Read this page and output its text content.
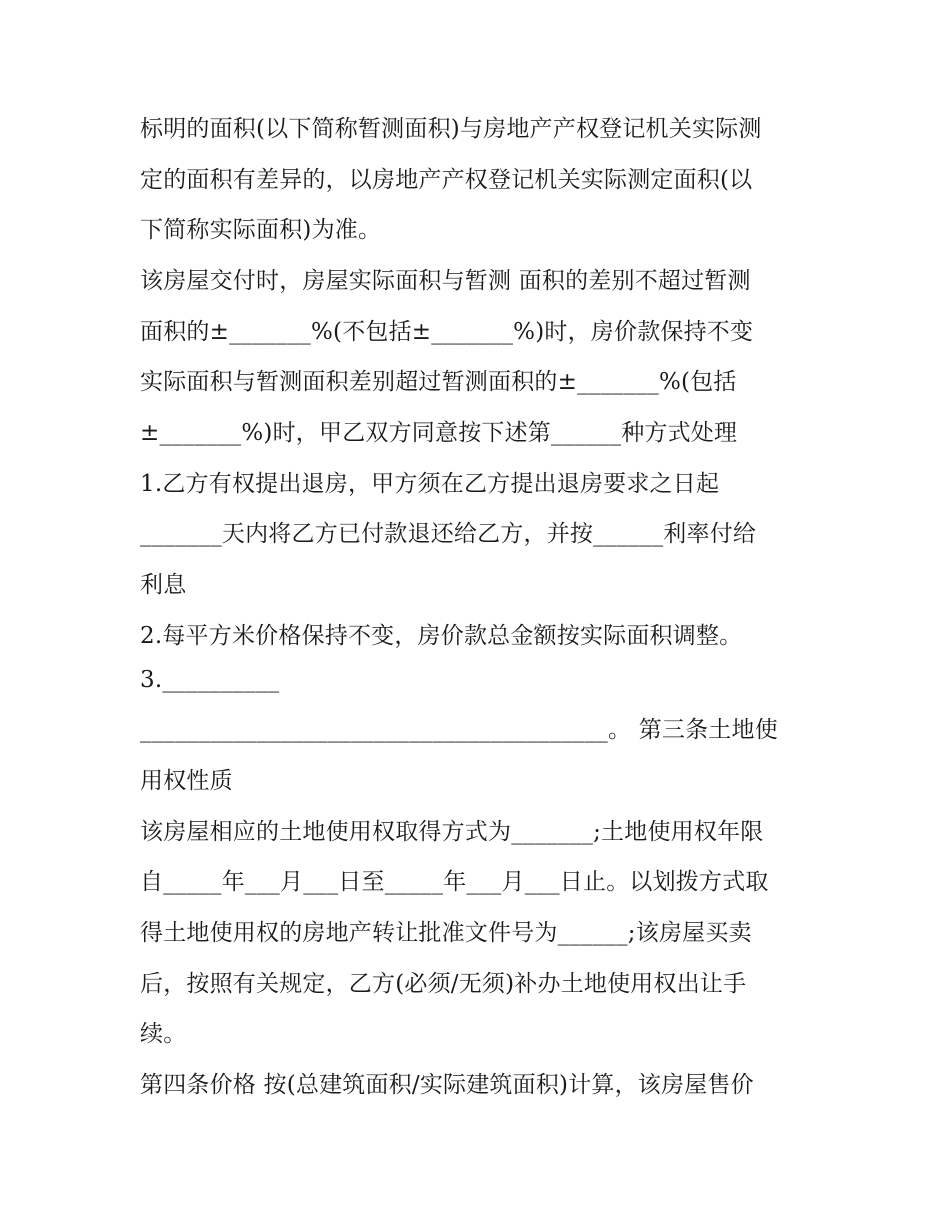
标明的面积(以下简称暂测面积)与房地产产权登记机关实际测
定的面积有差异的，以房地产产权登记机关实际测定面积(以
下简称实际面积)为准。
该房屋交付时，房屋实际面积与暂测 面积的差别不超过暂测
面积的±_______%(不包括±_______%)时，房价款保持不变
实际面积与暂测面积差别超过暂测面积的±_______%(包括
±_______%)时，甲乙双方同意按下述第______种方式处理
1.乙方有权提出退房，甲方须在乙方提出退房要求之日起
_______天内将乙方已付款退还给乙方，并按______利率付给
利息
2.每平方米价格保持不变，房价款总金额按实际面积调整。
3.__________
________________________________________。 第三条土地使
用权性质
该房屋相应的土地使用权取得方式为_______;土地使用权年限
自_____年___月___日至_____年___月___日止。以划拨方式取
得土地使用权的房地产转让批准文件号为______;该房屋买卖
后，按照有关规定，乙方(必须/无须)补办土地使用权出让手
续。
第四条价格 按(总建筑面积/实际建筑面积)计算，该房屋售价
